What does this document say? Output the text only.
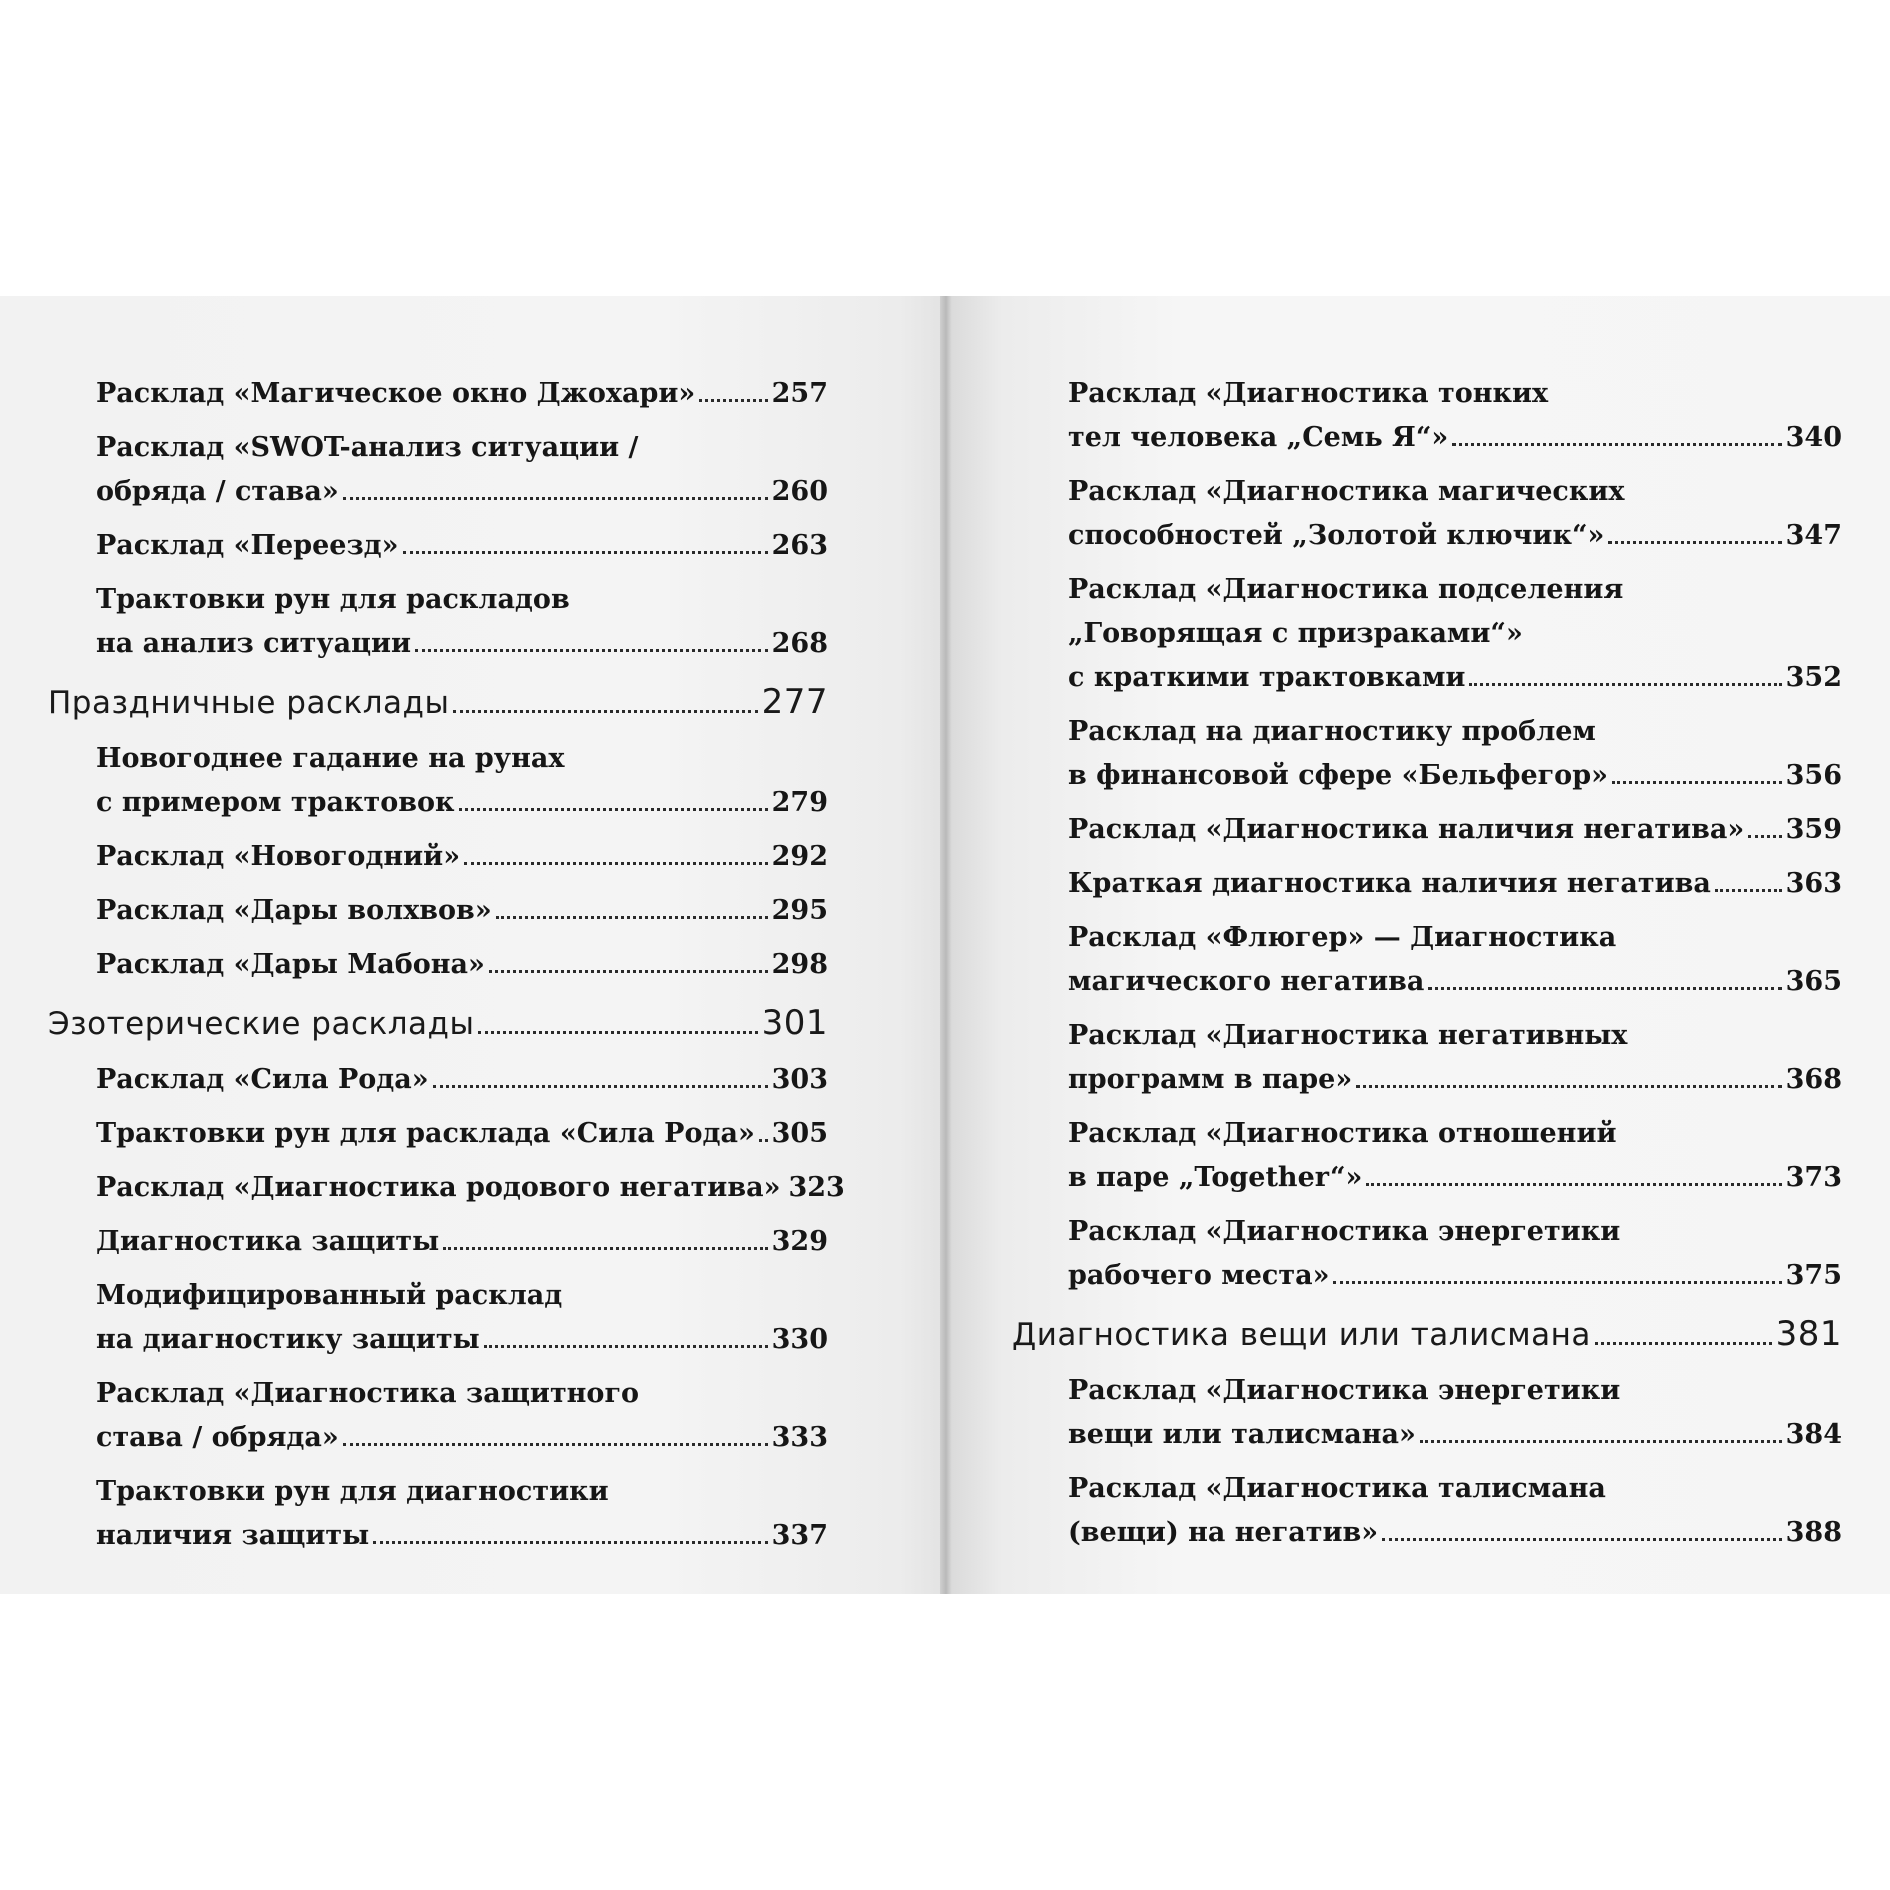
Расклад «Магическое окно Джохари»	257
Расклад «SWOT-анализ ситуации /
обряда / става»	260
Расклад «Переезд»	263
Трактовки рун для раскладов
на анализ ситуации	268
Праздничные расклады	277
Новогоднее гадание на рунах
с примером трактовок	279
Расклад «Новогодний»	292
Расклад «Дары волхвов»	295
Расклад «Дары Мабона»	298
Эзотерические расклады	301
Расклад «Сила Рода»	303
Трактовки рун для расклада «Сила Рода» 305
Расклад «Диагностика родового негатива» 323
Диагностика защиты	329
Модифицированный расклад
на диагностику защиты	330
Расклад «Диагностика защитного
става / обряда»	333
Трактовки рун для диагностики
наличия защиты	337
Расклад «Диагностика тонких
тел человека „Семь Я“»	340
Расклад «Диагностика магических
способностей „Золотой ключик“»	347
Расклад «Диагностика подселения
„Говорящая с призраками“»
с краткими трактовками	352
Расклад на диагностику проблем
в финансовой сфере «Бельфегор»	356
Расклад «Диагностика наличия негатива» 359
Краткая диагностика наличия негатива	363
Расклад «Флюгер» — Диагностика
магического негатива	365
Расклад «Диагностика негативных
программ в паре»	368
Расклад «Диагностика отношений
в паре „Together“»	373
Расклад «Диагностика энергетики
рабочего места»	375
Диагностика вещи или талисмана	381
Расклад «Диагностика энергетики
вещи или талисмана»	384
Расклад «Диагностика талисмана
(вещи) на негатив»	388
